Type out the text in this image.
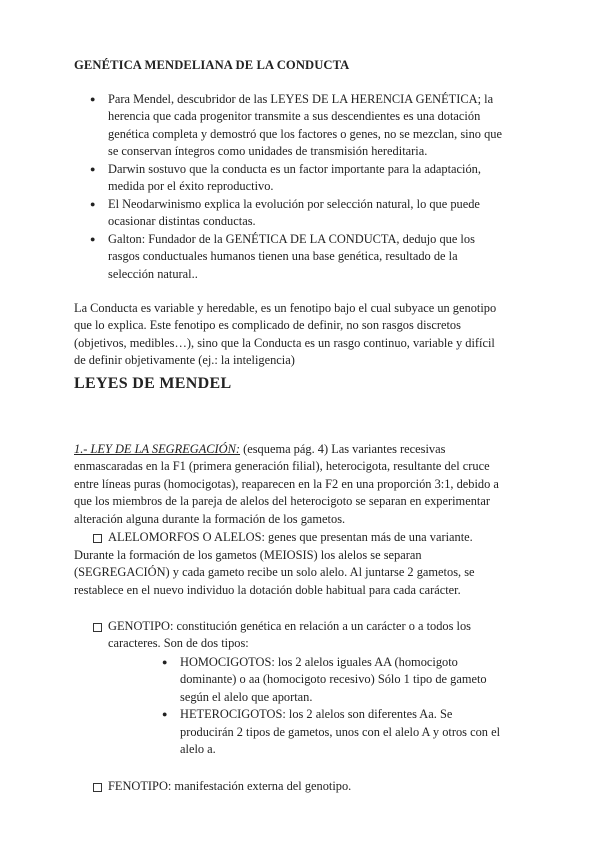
GENÉTICA MENDELIANA DE LA CONDUCTA
● Para Mendel, descubridor de las LEYES DE LA HERENCIA GENÉTICA; la
herencia que cada progenitor transmite a sus descendientes es una dotación
genética completa y demostró que los factores o genes, no se mezclan, sino que
se conservan íntegros como unidades de transmisión hereditaria.
● Darwin sostuvo que la conducta es un factor importante para la adaptación,
medida por el éxito reproductivo.
● El Neodarwinismo explica la evolución por selección natural, lo que puede
ocasionar distintas conductas.
● Galton: Fundador de la GENÉTICA DE LA CONDUCTA, dedujo que los
rasgos conductuales humanos tienen una base genética, resultado de la
selección natural..
La Conducta es variable y heredable, es un fenotipo bajo el cual subyace un genotipo
que lo explica. Este fenotipo es complicado de definir, no son rasgos discretos
(objetivos, medibles…), sino que la Conducta es un rasgo continuo, variable y difícil
de definir objetivamente (ej.: la inteligencia)
LEYES DE MENDEL
1.- LEY DE LA SEGREGACIÓN: (esquema pág. 4) Las variantes recesivas
enmascaradas en la F1 (primera generación filial), heterocigota, resultante del cruce
entre líneas puras (homocigotas), reaparecen en la F2 en una proporción 3:1, debido a
que los miembros de la pareja de alelos del heterocigoto se separan en experimentar
alteración alguna durante la formación de los gametos.
ALELOMORFOS O ALELOS: genes que presentan más de una variante.
Durante la formación de los gametos (MEIOSIS) los alelos se separan
(SEGREGACIÓN) y cada gameto recibe un solo alelo. Al juntarse 2 gametos, se
restablece en el nuevo individuo la dotación doble habitual para cada carácter.
GENOTIPO: constitución genética en relación a un carácter o a todos los
caracteres. Son de dos tipos:
● HOMOCIGOTOS: los 2 alelos iguales AA (homocigoto
dominante) o aa (homocigoto recesivo) Sólo 1 tipo de gameto
según el alelo que aportan.
● HETEROCIGOTOS: los 2 alelos son diferentes Aa. Se
producirán 2 tipos de gametos, unos con el alelo A y otros con el
alelo a.
FENOTIPO: manifestación externa del genotipo.
